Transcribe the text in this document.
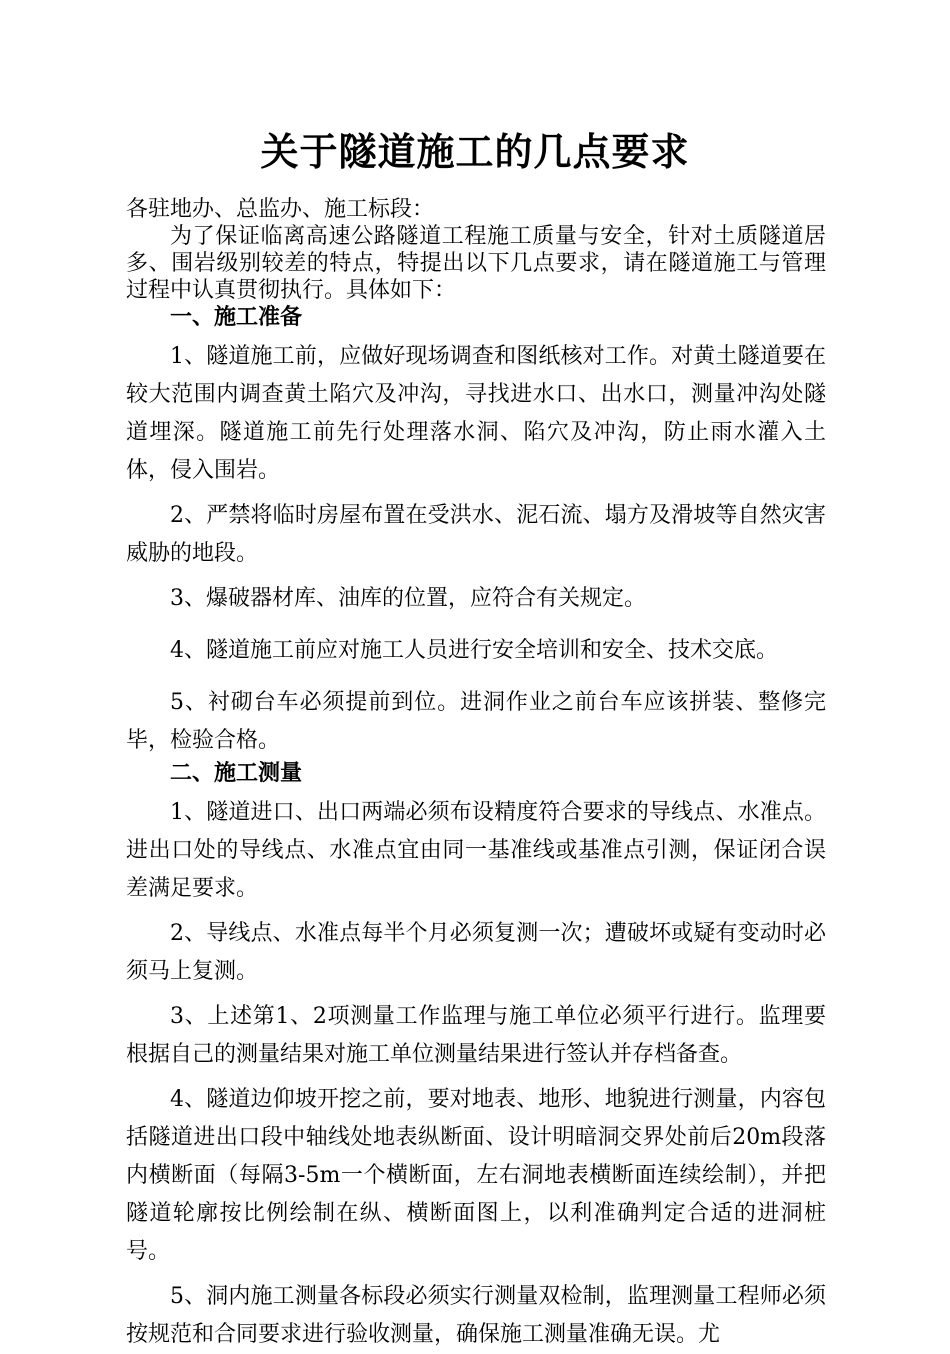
关于隧道施工的几点要求

各驻地办、总监办、施工标段：

为了保证临离高速公路隧道工程施工质量与安全，针对土质隧道居多、围岩级别较差的特点，特提出以下几点要求，请在隧道施工与管理过程中认真贯彻执行。具体如下：

一、施工准备

1、隧道施工前，应做好现场调查和图纸核对工作。对黄土隧道要在较大范围内调查黄土陷穴及冲沟，寻找进水口、出水口，测量冲沟处隧道埋深。隧道施工前先行处理落水洞、陷穴及冲沟，防止雨水灌入土体，侵入围岩。

2、严禁将临时房屋布置在受洪水、泥石流、塌方及滑坡等自然灾害威胁的地段。

3、爆破器材库、油库的位置，应符合有关规定。

4、隧道施工前应对施工人员进行安全培训和安全、技术交底。

5、衬砌台车必须提前到位。进洞作业之前台车应该拼装、整修完毕，检验合格。

二、施工测量

1、隧道进口、出口两端必须布设精度符合要求的导线点、水准点。进出口处的导线点、水准点宜由同一基准线或基准点引测，保证闭合误差满足要求。

2、导线点、水准点每半个月必须复测一次；遭破坏或疑有变动时必须马上复测。

3、上述第1、2项测量工作监理与施工单位必须平行进行。监理要根据自己的测量结果对施工单位测量结果进行签认并存档备查。

4、隧道边仰坡开挖之前，要对地表、地形、地貌进行测量，内容包括隧道进出口段中轴线处地表纵断面、设计明暗洞交界处前后20m段落内横断面（每隔3-5m一个横断面，左右洞地表横断面连续绘制），并把隧道轮廓按比例绘制在纵、横断面图上，以利准确判定合适的进洞桩号。

5、洞内施工测量各标段必须实行测量双检制，监理测量工程师必须按规范和合同要求进行验收测量，确保施工测量准确无误。尤
